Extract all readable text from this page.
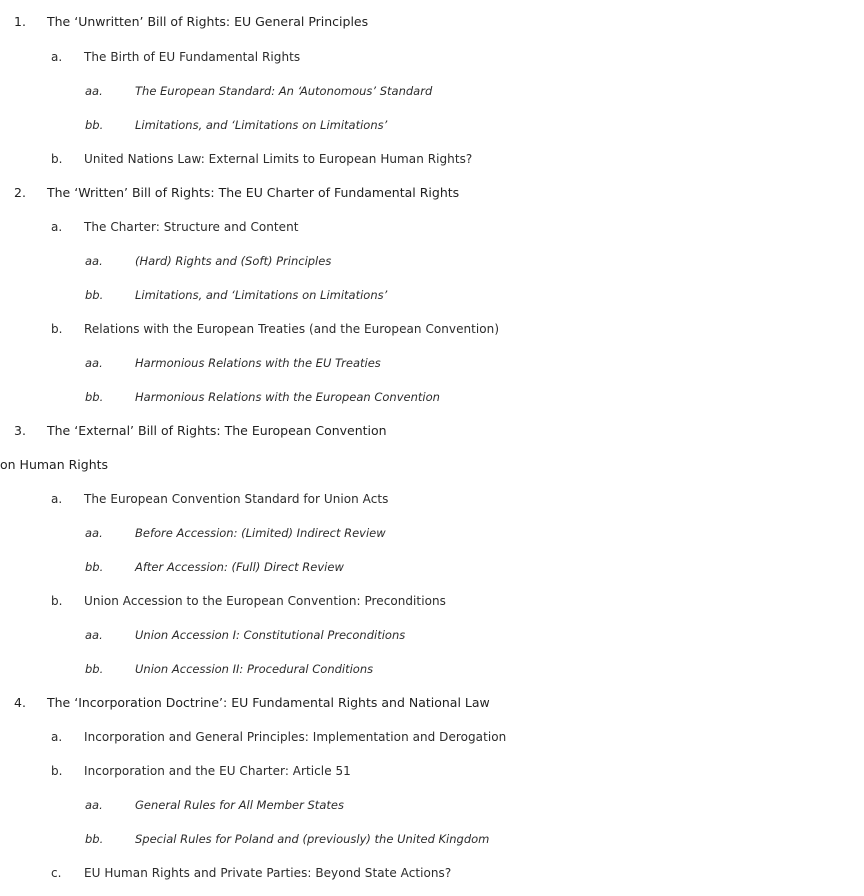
1.	The ‘Unwritten’ Bill of Rights: EU General Principles
a.	The Birth of EU Fundamental Rights
aa.	The European Standard: An ‘Autonomous’ Standard
bb.	Limitations, and ‘Limitations on Limitations’
b.	United Nations Law: External Limits to European Human Rights?
2.	The ‘Written’ Bill of Rights: The EU Charter of Fundamental Rights
a.	The Charter: Structure and Content
aa.	(Hard) Rights and (Soft) Principles
bb.	Limitations, and ‘Limitations on Limitations’
b.	Relations with the European Treaties (and the European Convention)
aa.	Harmonious Relations with the EU Treaties
bb.	Harmonious Relations with the European Convention
3.	The ‘External’ Bill of Rights: The European Convention
on Human Rights
a.	The European Convention Standard for Union Acts
aa.	Before Accession: (Limited) Indirect Review
bb.	After Accession: (Full) Direct Review
b.	Union Accession to the European Convention: Preconditions
aa.	Union Accession I: Constitutional Preconditions
bb.	Union Accession II: Procedural Conditions
4.	The ‘Incorporation Doctrine’: EU Fundamental Rights and National Law
a.	Incorporation and General Principles: Implementation and Derogation
b.	Incorporation and the EU Charter: Article 51
aa.	General Rules for All Member States
bb.	Special Rules for Poland and (previously) the United Kingdom
c.	EU Human Rights and Private Parties: Beyond State Actions?
